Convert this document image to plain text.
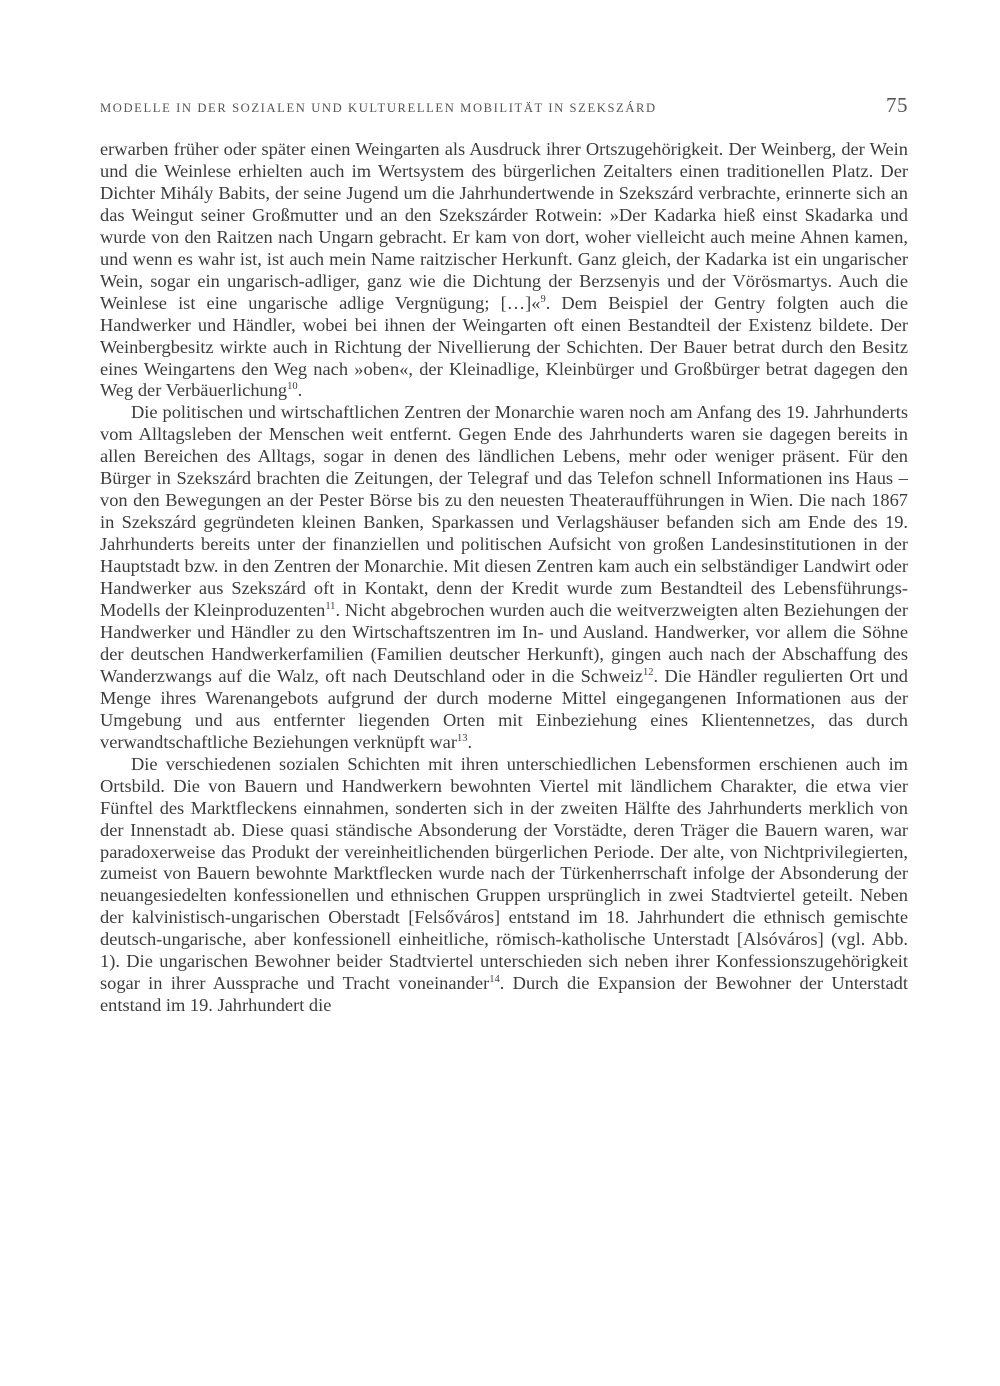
MODELLE IN DER SOZIALEN UND KULTURELLEN MOBILITÄT IN SZEKSZÁRD	75

erwarben früher oder später einen Weingarten als Ausdruck ihrer Ortszugehörigkeit. Der Weinberg, der Wein und die Weinlese erhielten auch im Wertsystem des bürgerlichen Zeitalters einen traditionellen Platz. Der Dichter Mihály Babits, der seine Jugend um die Jahrhundertwende in Szekszárd verbrachte, erinnerte sich an das Weingut seiner Großmutter und an den Szekszárder Rotwein: »Der Kadarka hieß einst Skadarka und wurde von den Raitzen nach Ungarn gebracht. Er kam von dort, woher vielleicht auch meine Ahnen kamen, und wenn es wahr ist, ist auch mein Name raitzischer Herkunft. Ganz gleich, der Kadarka ist ein ungarischer Wein, sogar ein ungarisch-adliger, ganz wie die Dichtung der Berzsenyis und der Vörösmartys. Auch die Weinlese ist eine ungarische adlige Vergnügung; […]«$^9$. Dem Beispiel der Gentry folgten auch die Handwerker und Händler, wobei bei ihnen der Weingarten oft einen Bestandteil der Existenz bildete. Der Weinbergbesitz wirkte auch in Richtung der Nivellierung der Schichten. Der Bauer betrat durch den Besitz eines Weingartens den Weg nach »oben«, der Kleinadlige, Kleinbürger und Großbürger betrat dagegen den Weg der Verbäuerlichung$^{10}$.

Die politischen und wirtschaftlichen Zentren der Monarchie waren noch am Anfang des 19. Jahrhunderts vom Alltagsleben der Menschen weit entfernt. Gegen Ende des Jahrhunderts waren sie dagegen bereits in allen Bereichen des Alltags, sogar in denen des ländlichen Lebens, mehr oder weniger präsent. Für den Bürger in Szekszárd brachten die Zeitungen, der Telegraf und das Telefon schnell Informationen ins Haus – von den Bewegungen an der Pester Börse bis zu den neuesten Theateraufführungen in Wien. Die nach 1867 in Szekszárd gegründeten kleinen Banken, Sparkassen und Verlagshäuser befanden sich am Ende des 19. Jahrhunderts bereits unter der finanziellen und politischen Aufsicht von großen Landesinstitutionen in der Hauptstadt bzw. in den Zentren der Monarchie. Mit diesen Zentren kam auch ein selbständiger Landwirt oder Handwerker aus Szekszárd oft in Kontakt, denn der Kredit wurde zum Bestandteil des Lebensführungs-Modells der Kleinproduzenten$^{11}$. Nicht abgebrochen wurden auch die weitverzweigten alten Beziehungen der Handwerker und Händler zu den Wirtschaftszentren im In- und Ausland. Handwerker, vor allem die Söhne der deutschen Handwerkerfamilien (Familien deutscher Herkunft), gingen auch nach der Abschaffung des Wanderzwangs auf die Walz, oft nach Deutschland oder in die Schweiz$^{12}$. Die Händler regulierten Ort und Menge ihres Warenangebots aufgrund der durch moderne Mittel eingegangenen Informationen aus der Umgebung und aus entfernter liegenden Orten mit Einbeziehung eines Klientennetzes, das durch verwandtschaftliche Beziehungen verknüpft war$^{13}$.

Die verschiedenen sozialen Schichten mit ihren unterschiedlichen Lebensformen erschienen auch im Ortsbild. Die von Bauern und Handwerkern bewohnten Viertel mit ländlichem Charakter, die etwa vier Fünftel des Marktfleckens einnahmen, sonderten sich in der zweiten Hälfte des Jahrhunderts merklich von der Innenstadt ab. Diese quasi ständische Absonderung der Vorstädte, deren Träger die Bauern waren, war paradoxerweise das Produkt der vereinheitlichenden bürgerlichen Periode. Der alte, von Nichtprivilegierten, zumeist von Bauern bewohnte Marktflecken wurde nach der Türkenherrschaft infolge der Absonderung der neuangesiedelten konfessionellen und ethnischen Gruppen ursprünglich in zwei Stadtviertel geteilt. Neben der kalvinistisch-ungarischen Oberstadt [Felsőváros] entstand im 18. Jahrhundert die ethnisch gemischte deutsch-ungarische, aber konfessionell einheitliche, römisch-katholische Unterstadt [Alsóváros] (vgl. Abb. 1). Die ungarischen Bewohner beider Stadtviertel unterschieden sich neben ihrer Konfessionszugehörigkeit sogar in ihrer Aussprache und Tracht voneinander$^{14}$. Durch die Expansion der Bewohner der Unterstadt entstand im 19. Jahrhundert die
